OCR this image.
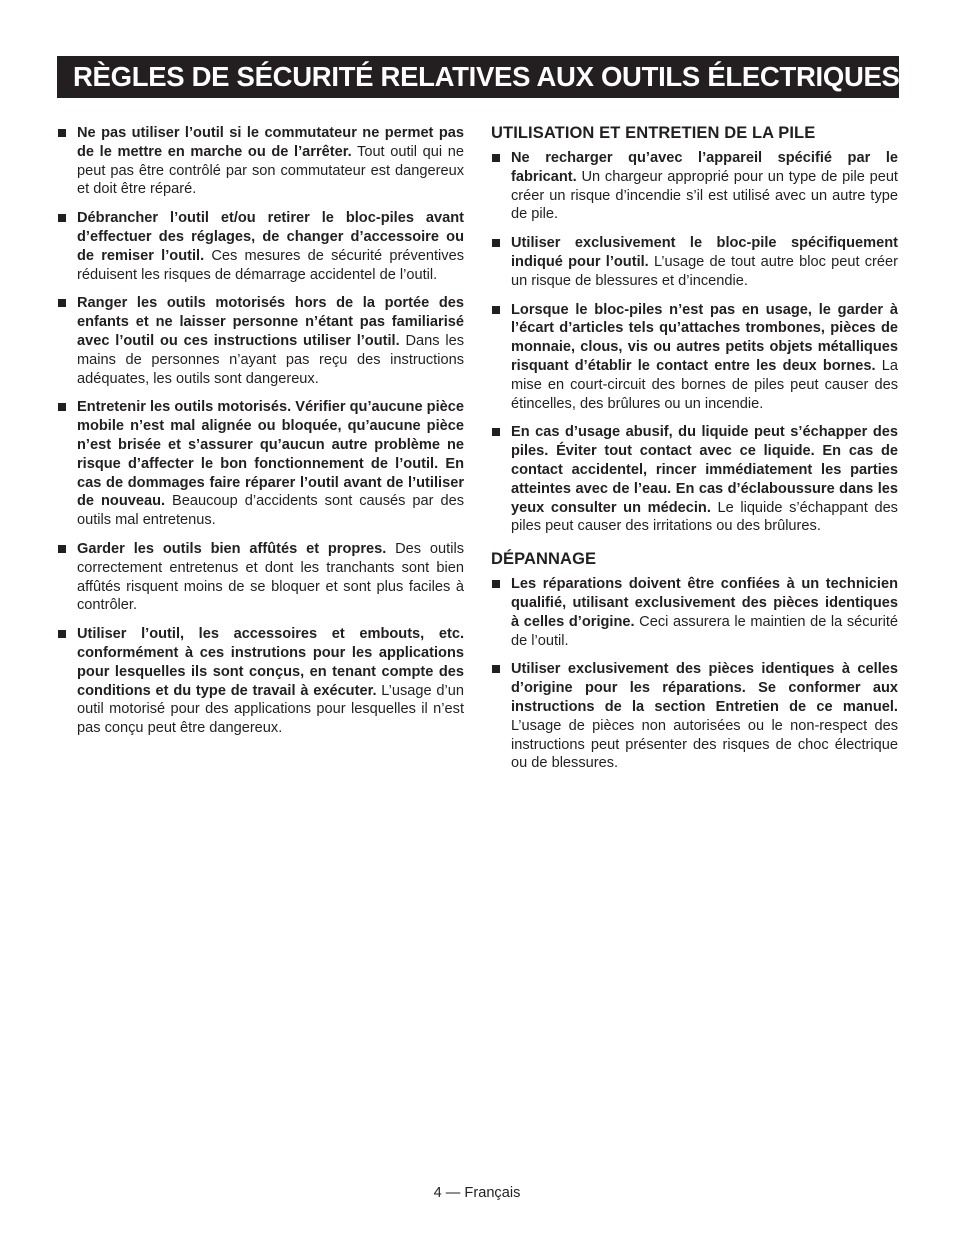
RÈGLES DE SÉCURITÉ RELATIVES AUX OUTILS ÉLECTRIQUES
Ne pas utiliser l’outil si le commutateur ne permet pas de le mettre en marche ou de l’arrêter. Tout outil qui ne peut pas être contrôlé par son commutateur est dangereux et doit être réparé.
Débrancher l’outil et/ou retirer le bloc-piles avant d’effectuer des réglages, de changer d’accessoire ou de remiser l’outil. Ces mesures de sécurité préventives réduisent les risques de démarrage accidentel de l’outil.
Ranger les outils motorisés hors de la portée des enfants et ne laisser personne n’étant pas familiarisé avec l’outil ou ces instructions utiliser l’outil. Dans les mains de personnes n’ayant pas reçu des instructions adéquates, les outils sont dangereux.
Entretenir les outils motorisés. Vérifier qu’aucune pièce mobile n’est mal alignée ou bloquée, qu’aucune pièce n’est brisée et s’assurer qu’aucun autre problème ne risque d’affecter le bon fonctionnement de l’outil. En cas de dommages faire réparer l’outil avant de l’utiliser de nouveau. Beaucoup d’accidents sont causés par des outils mal entretenus.
Garder les outils bien affûtés et propres. Des outils correctement entretenus et dont les tranchants sont bien affûtés risquent moins de se bloquer et sont plus faciles à contrôler.
Utiliser l’outil, les accessoires et embouts, etc. conformément à ces instrutions pour les applications pour lesquelles ils sont conçus, en tenant compte des conditions et du type de travail à exécuter. L’usage d’un outil motorisé pour des applications pour lesquelles il n’est pas conçu peut être dangereux.
UTILISATION ET ENTRETIEN DE LA PILE
Ne recharger qu’avec l’appareil spécifié par le fabricant. Un chargeur approprié pour un type de pile peut créer un risque d’incendie s’il est utilisé avec un autre type de pile.
Utiliser exclusivement le bloc-pile spécifiquement indiqué pour l’outil. L’usage de tout autre bloc peut créer un risque de blessures et d’incendie.
Lorsque le bloc-piles n’est pas en usage, le garder à l’écart d’articles tels qu’attaches trombones, pièces de monnaie, clous, vis ou autres petits objets métalliques risquant d’établir le contact entre les deux bornes. La mise en court-circuit des bornes de piles peut causer des étincelles, des brûlures ou un incendie.
En cas d’usage abusif, du liquide peut s’échapper des piles. Éviter tout contact avec ce liquide. En cas de contact accidentel, rincer immédiatement les parties atteintes avec de l’eau. En cas d’éclaboussure dans les yeux consulter un médecin. Le liquide s’échappant des piles peut causer des irritations ou des brûlures.
DÉPANNAGE
Les réparations doivent être confiées à un technicien qualifié, utilisant exclusivement des pièces identiques à celles d’origine. Ceci assurera le maintien de la sécurité de l’outil.
Utiliser exclusivement des pièces identiques à celles d’origine pour les réparations. Se conformer aux instructions de la section Entretien de ce manuel. L’usage de pièces non autorisées ou le non-respect des instructions peut présenter des risques de choc électrique ou de blessures.
4 — Français
